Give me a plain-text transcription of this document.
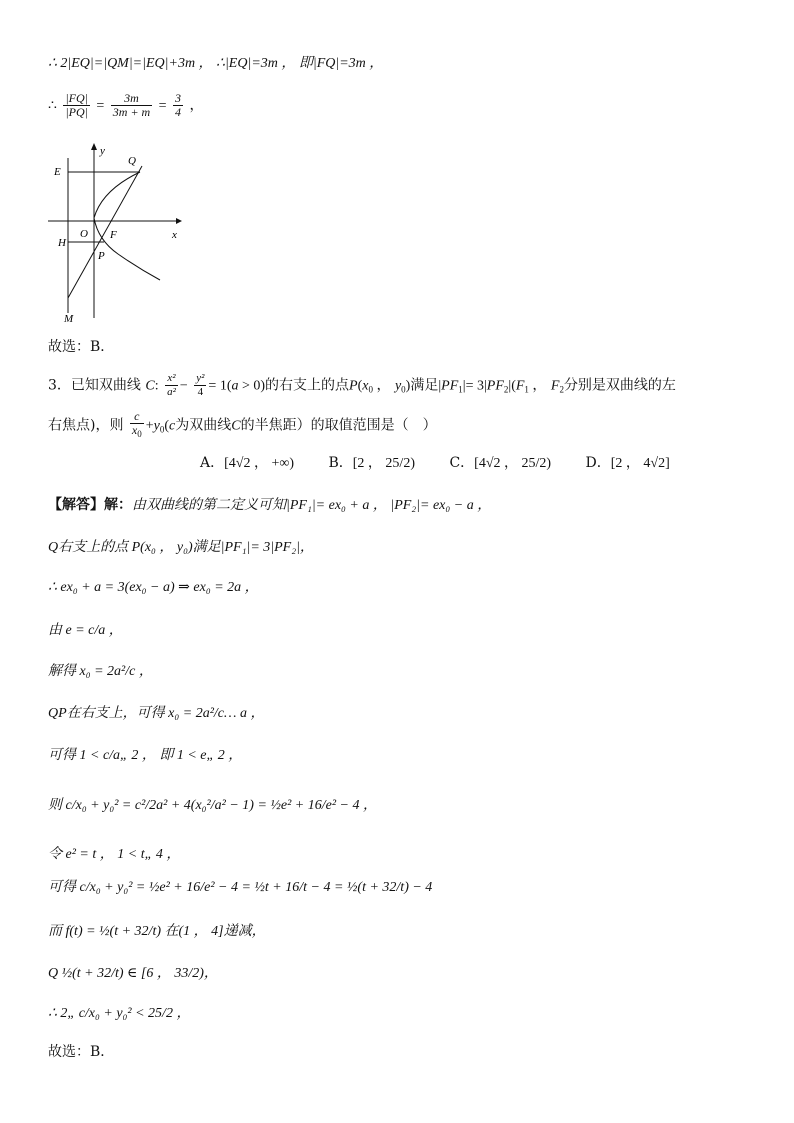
∴ 2|EQ|=|QM|=|EQ|+3m ， ∴|EQ|=3m ， 即|FQ|=3m ，
∴ $\frac{|FQ|}{|PQ|} = \frac{3m}{3m + m} = \frac{3}{4}$ ，
E
Q
y
x
H
O F
P
M
故选：B．
3．已知双曲线 C: $\frac{\text{x²}}{\text{a²}} - \frac{\text{y²}}{4} = 1(a > 0)$的右支上的点$P(x_0$ ， $y_0$)满足$|PF_1|= 3|PF_2|(F_1$ ， $F_2$分别是双曲线的左
右焦点)，则 $\frac{c}{x_0} +y_0(c$为双曲线C的半焦距）的取值范围是（　）
A．[4√2 ， +∞) B．[2 ， 25/2) C．[4√2 ， 25/2) D．[2 ， 4√2]
【解答】解：由双曲线的第二定义可知|PF₁|= ex₀ + a ， |PF₂|= ex₀ − a ，
Q右支上的点 P(x₀ ， y₀)满足|PF₁|= 3|PF₂|，
∴ ex₀ + a = 3(ex₀ − a) ⇒ ex₀ = 2a ，
由 e = c/a ，
解得 x₀ = 2a²/c ，
QP在右支上，可得 x₀ = 2a²/c… a ，
可得 1 < c/a„ 2 ， 即 1 < e„ 2 ，
则 c/x₀ + y₀² = c²/2a² + 4(x₀²/a² − 1) = ½e² + 16/e² − 4 ，
令 e² = t ， 1 < t„ 4 ，
可得 c/x₀ + y₀² = ½e² + 16/e² − 4 = ½t + 16/t − 4 = ½(t + 32/t) − 4
而 f(t) = ½(t + 32/t) 在(1 ， 4]递减，
Q ½(t + 32/t) ∈ [6 ， 33/2)，
∴ 2„ c/x₀ + y₀² < 25/2 ，
故选：B．
